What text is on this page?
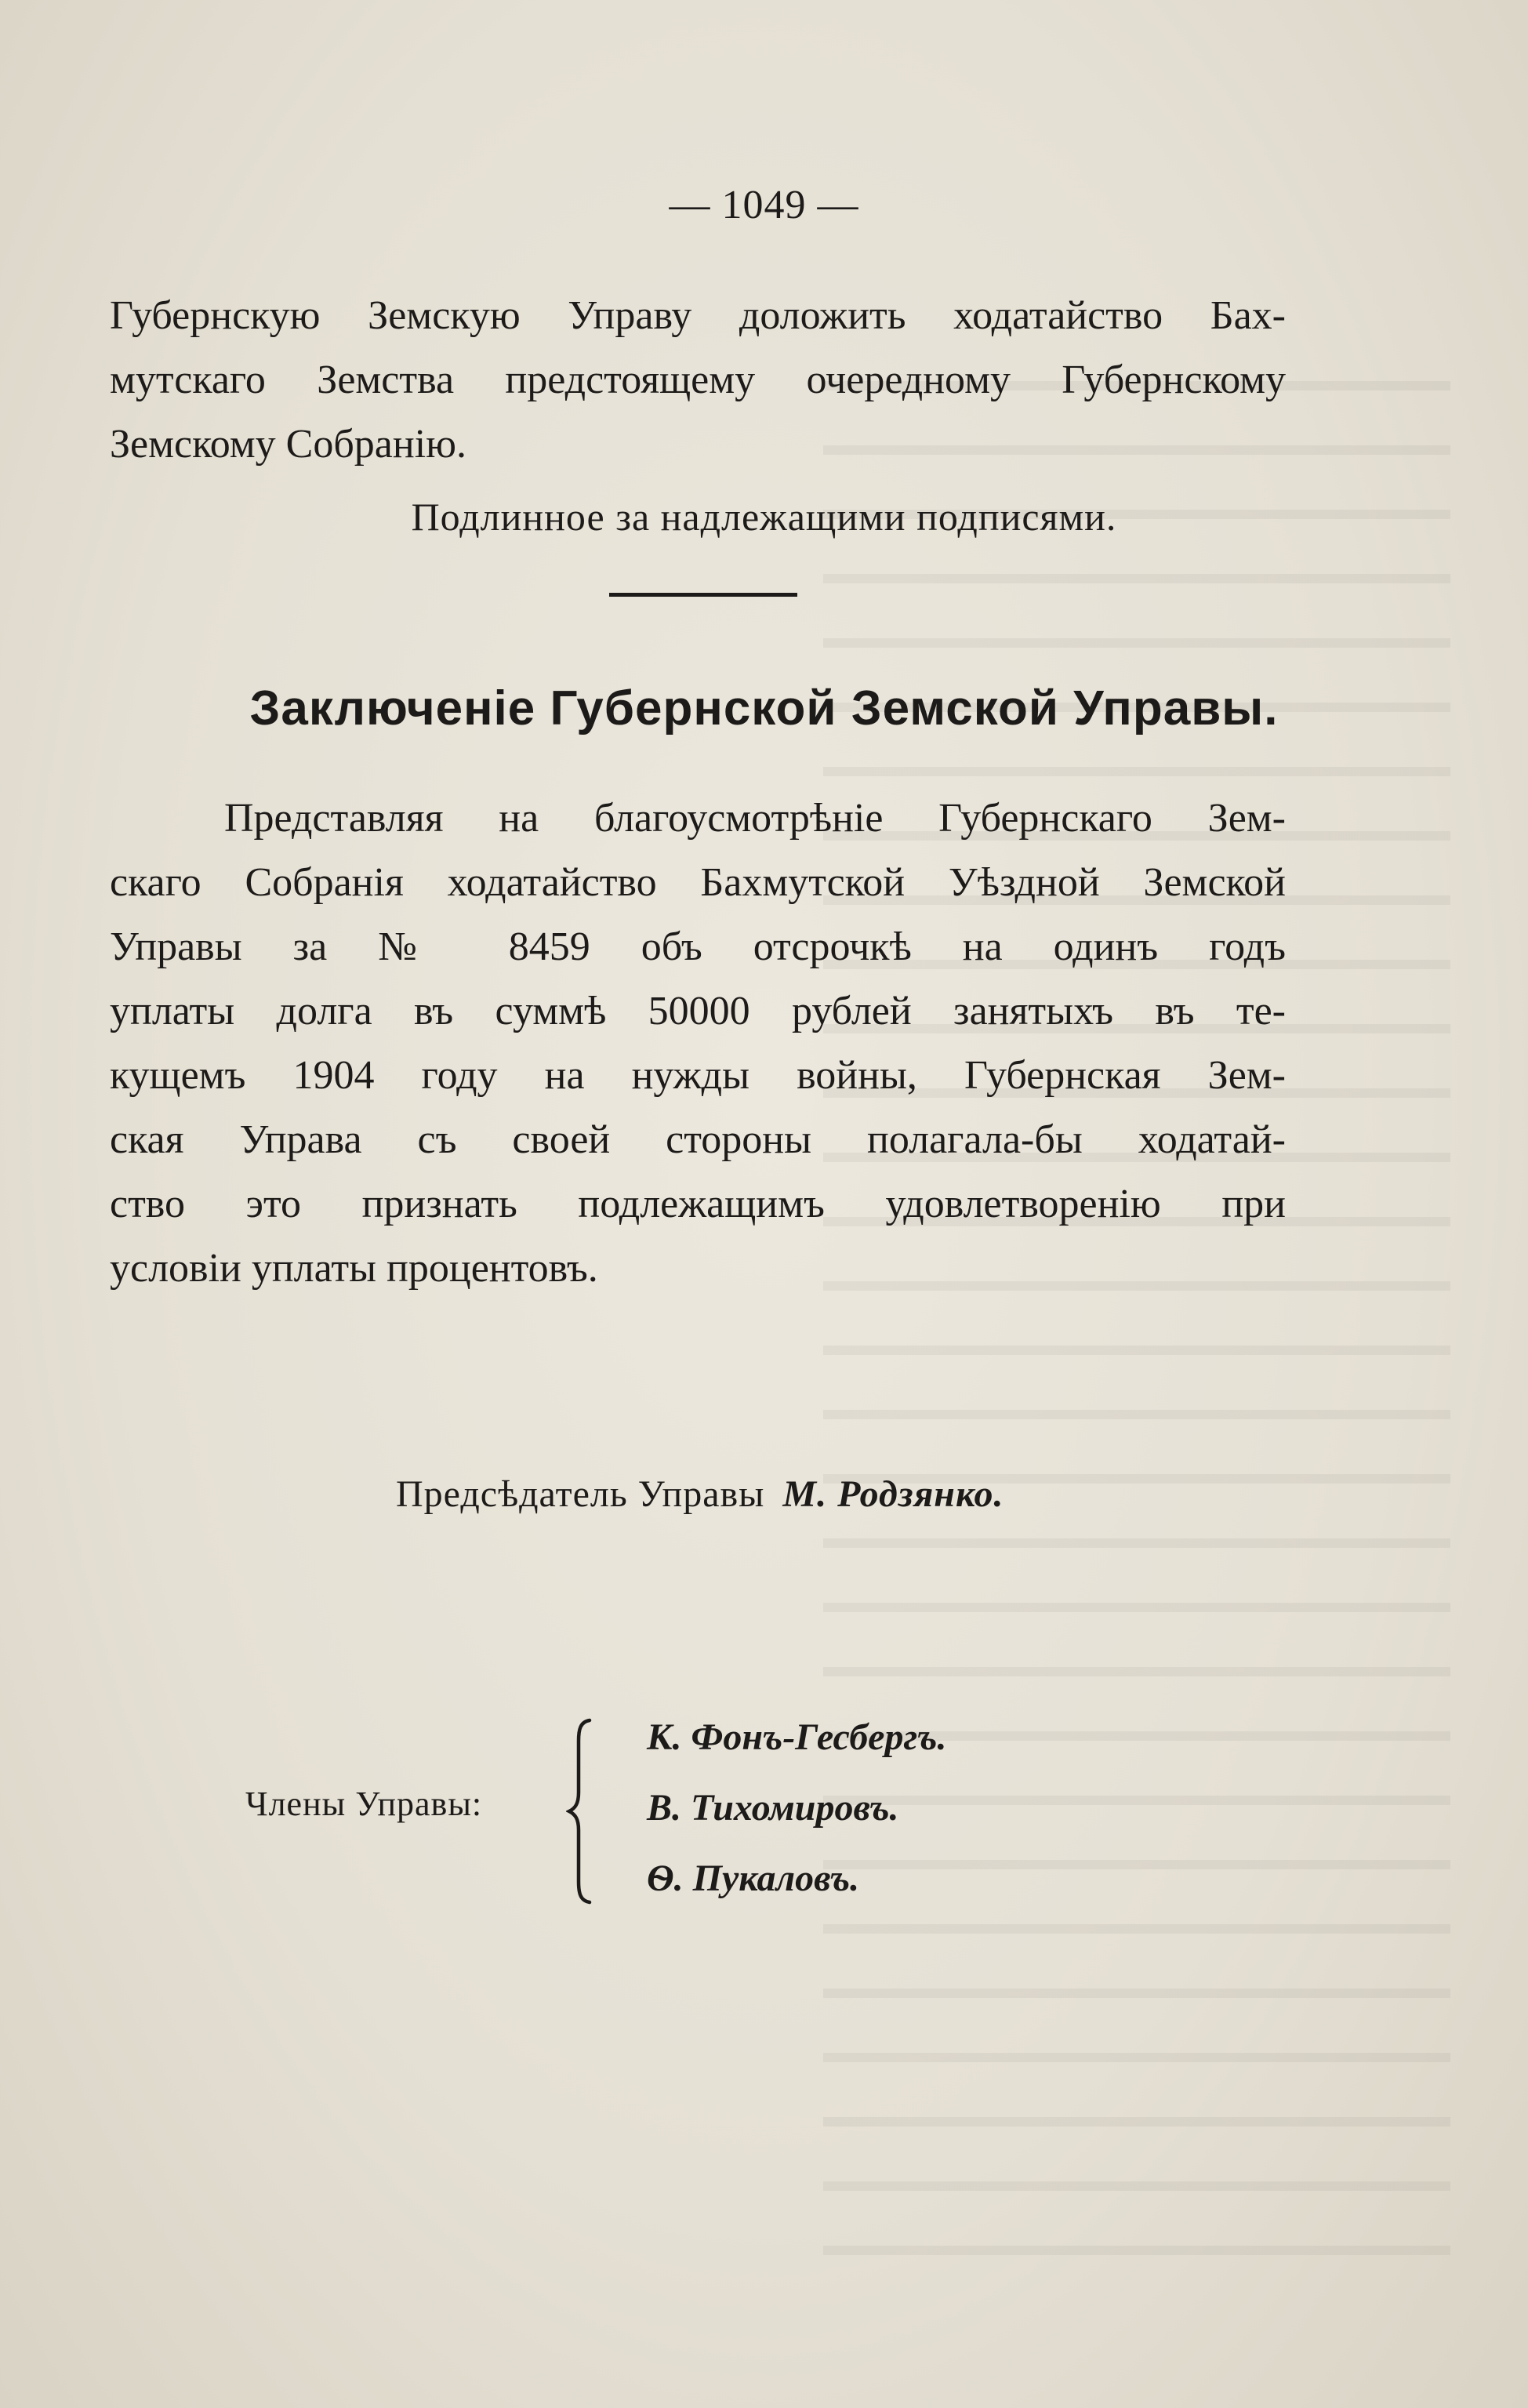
— 1049 —
Губернскую Земскую Управу доложить ходатайство Бах-
мутскаго Земства предстоящему очередному Губернскому
Земскому Собранію.
Подлинное за надлежащими подписями.
Заключеніе Губернской Земской Управы.
Представляя на благоусмотрѣніе Губернскаго Зем-
скаго Собранія ходатайство Бахмутской Уѣздной Земской
Управы за № 8459 объ отсрочкѣ на одинъ годъ
уплаты долга въ суммѣ 50000 рублей занятыхъ въ те-
кущемъ 1904 году на нужды войны, Губернская Зем-
ская Управа съ своей стороны полагала-бы ходатай-
ство это признать подлежащимъ удовлетворенію при
условіи уплаты процентовъ.
Предсѣдатель Управы М. Родзянко.
Члены Управы:
К. Фонъ-Гесбергъ.
В. Тихомировъ.
Ѳ. Пукаловъ.
